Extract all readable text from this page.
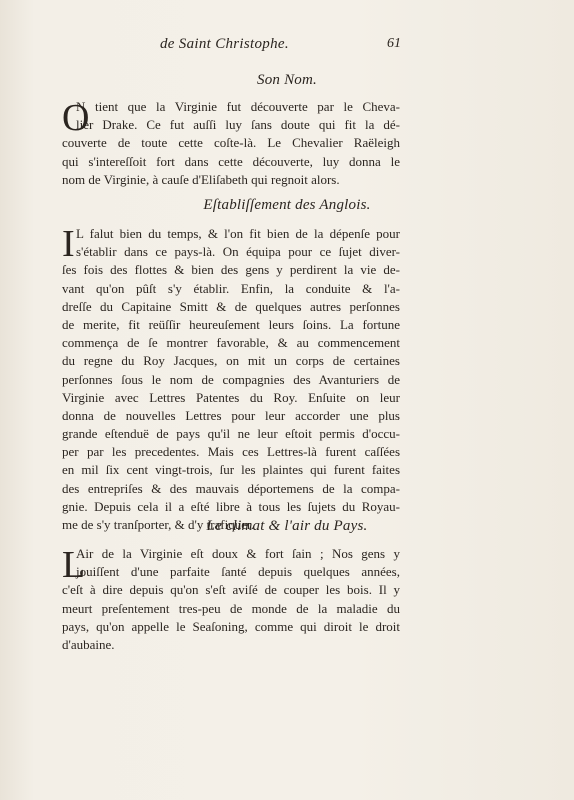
de Saint Christophe.	61
Son Nom.
O
N tient que la Virginie fut découverte par le Cheva-
lier Drake. Ce fut auſſi luy ſans doute qui fit la dé-
couverte de toute cette coſte-là. Le Chevalier Raëleigh
qui s'intereſſoit fort dans cette découverte, luy donna le
nom de Virginie, à cauſe d'Eliſabeth qui regnoit alors.
Eſtabliſſement des Anglois.
I L falut bien du temps, & l'on fit bien de la dépenſe pour
s'établir dans ce pays-là. On équipa pour ce ſujet diver-
ſes fois des flottes & bien des gens y perdirent la vie de-
vant qu'on pûſt s'y établir. Enfin, la conduite & l'a-
dreſſe du Capitaine Smitt & de quelques autres perſonnes
de merite, fit reüſſir heureuſement leurs ſoins. La fortune
commença de ſe montrer favorable, & au commencement
du regne du Roy Jacques, on mit un corps de certaines
perſonnes ſous le nom de compagnies des Avanturiers de
Virginie avec Lettres Patentes du Roy. Enſuite on leur
donna de nouvelles Lettres pour leur accorder une plus
grande eſtenduë de pays qu'il ne leur eſtoit permis d'occu-
per par les precedentes. Mais ces Lettres-là furent caſſées
en mil ſix cent vingt-trois, ſur les plaintes qui furent faites
des entrepriſes & des mauvais déportemens de la compa-
gnie. Depuis cela il a eſté libre à tous les ſujets du Royau-
me de s'y tranſporter, & d'y trafiquer.
Le climat & l'air du Pays.
L
Air de la Virginie eſt doux & fort ſain ; Nos gens y
jouiſſent d'une parfaite ſanté depuis quelques années,
c'eſt à dire depuis qu'on s'eſt aviſé de couper les bois. Il y
meurt preſentement tres-peu de monde de la maladie du
pays, qu'on appelle le Seaſoning, comme qui diroit le droit
d'aubaine.
